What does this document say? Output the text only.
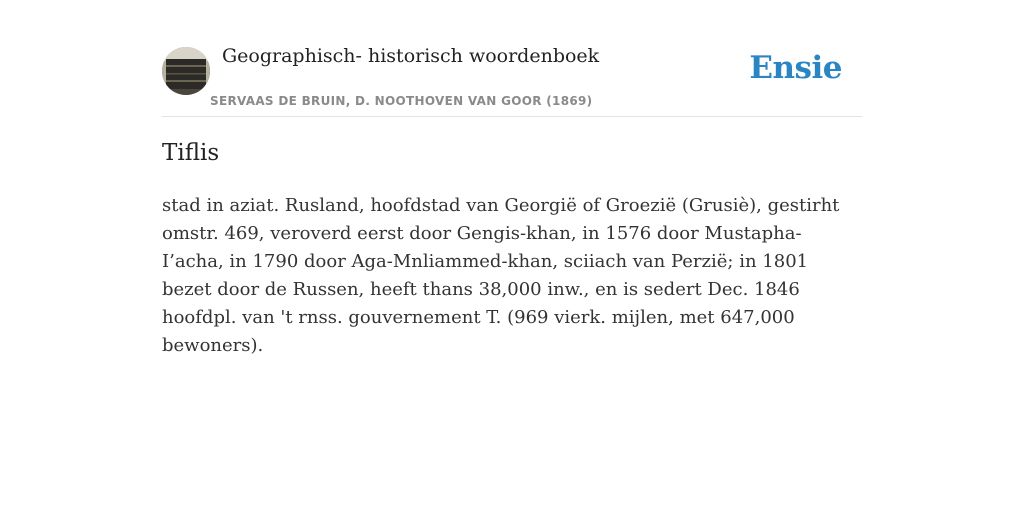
Geographisch- historisch woordenboek
SERVAAS DE BRUIN, D. NOOTHOVEN VAN GOOR (1869)
Ensie
Tiflis

stad in aziat. Rusland, hoofdstad van Georgië of Groezië (Grusiè), gestirht omstr. 469, veroverd eerst door Gengis-khan, in 1576 door Mustapha-I’acha, in 1790 door Aga-Mnliammed-khan, sciiach van Perzië; in 1801 bezet door de Russen, heeft thans 38,000 inw., en is sedert Dec. 1846 hoofdpl. van 't rnss. gouvernement T. (969 vierk. mijlen, met 647,000 bewoners).
